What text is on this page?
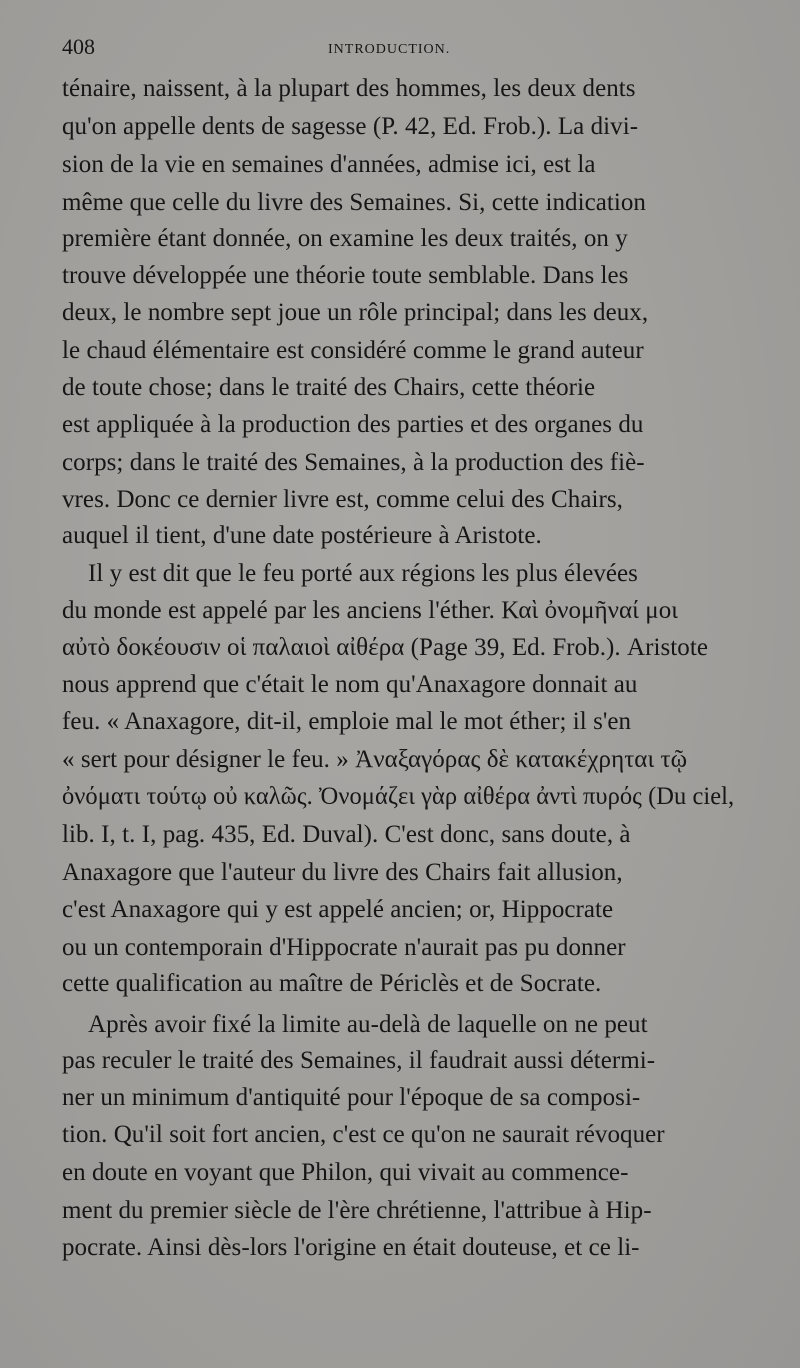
408	INTRODUCTION.
ténaire, naissent, à la plupart des hommes, les deux dents
qu'on appelle dents de sagesse (P. 42, Ed. Frob.). La divi-
sion de la vie en semaines d'années, admise ici, est la
même que celle du livre des Semaines. Si, cette indication
première étant donnée, on examine les deux traités, on y
trouve développée une théorie toute semblable. Dans les
deux, le nombre sept joue un rôle principal; dans les deux,
le chaud élémentaire est considéré comme le grand auteur
de toute chose; dans le traité des Chairs, cette théorie
est appliquée à la production des parties et des organes du
corps; dans le traité des Semaines, à la production des fiè-
vres. Donc ce dernier livre est, comme celui des Chairs,
auquel il tient, d'une date postérieure à Aristote.
Il y est dit que le feu porté aux régions les plus élevées
du monde est appelé par les anciens l'éther. Καὶ ὀνομῆναί μοι
αὐτὸ δοκέουσιν οἱ παλαιοὶ αἰθέρα (Page 39, Ed. Frob.). Aristote
nous apprend que c'était le nom qu'Anaxagore donnait au
feu. « Anaxagore, dit-il, emploie mal le mot éther; il s'en
« sert pour désigner le feu. » Ἀναξαγόρας δὲ κατακέχρηται τῷ
ὀνόματι τούτῳ οὐ καλῶς. Ὀνομάζει γὰρ αἰθέρα ἀντὶ πυρός (Du ciel,
lib. I, t. I, pag. 435, Ed. Duval). C'est donc, sans doute, à
Anaxagore que l'auteur du livre des Chairs fait allusion,
c'est Anaxagore qui y est appelé ancien; or, Hippocrate
ou un contemporain d'Hippocrate n'aurait pas pu donner
cette qualification au maître de Périclès et de Socrate.
Après avoir fixé la limite au-delà de laquelle on ne peut
pas reculer le traité des Semaines, il faudrait aussi détermi-
ner un minimum d'antiquité pour l'époque de sa composi-
tion. Qu'il soit fort ancien, c'est ce qu'on ne saurait révoquer
en doute en voyant que Philon, qui vivait au commence-
ment du premier siècle de l'ère chrétienne, l'attribue à Hip-
pocrate. Ainsi dès-lors l'origine en était douteuse, et ce li-
